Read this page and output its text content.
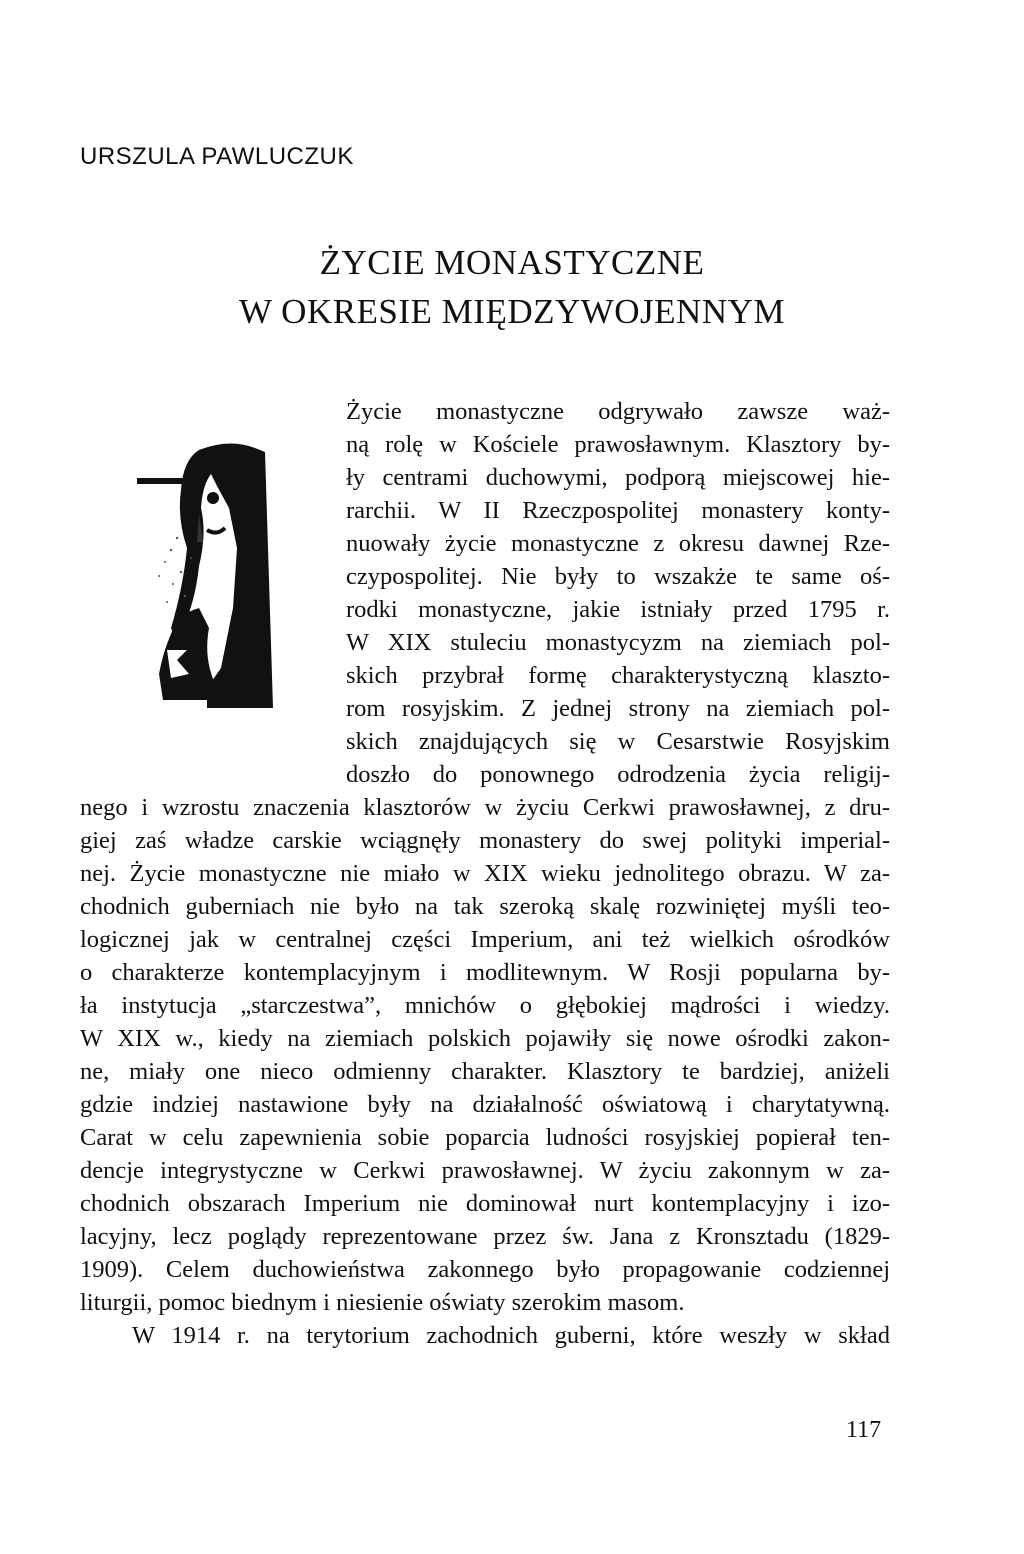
URSZULA PAWLUCZUK

ŻYCIE MONASTYCZNE
W OKRESIE MIĘDZYWOJENNYM
Życie monastyczne odgrywało zawsze waż-
ną rolę w Kościele prawosławnym. Klasztory by-
ły centrami duchowymi, podporą miejscowej hie-
rarchii. W II Rzeczpospolitej monastery konty-
nuowały życie monastyczne z okresu dawnej Rze-
czypospolitej. Nie były to wszakże te same oś-
rodki monastyczne, jakie istniały przed 1795 r.
W XIX stuleciu monastycyzm na ziemiach pol-
skich przybrał formę charakterystyczną klaszto-
rom rosyjskim. Z jednej strony na ziemiach pol-
skich znajdujących się w Cesarstwie Rosyjskim
doszło do ponownego odrodzenia życia religij-
nego i wzrostu znaczenia klasztorów w życiu Cerkwi prawosławnej, z dru-
giej zaś władze carskie wciągnęły monastery do swej polityki imperial-
nej. Życie monastyczne nie miało w XIX wieku jednolitego obrazu. W za-
chodnich guberniach nie było na tak szeroką skalę rozwiniętej myśli teo-
logicznej jak w centralnej części Imperium, ani też wielkich ośrodków
o charakterze kontemplacyjnym i modlitewnym. W Rosji popularna by-
ła instytucja „starczestwa”, mnichów o głębokiej mądrości i wiedzy.
W XIX w., kiedy na ziemiach polskich pojawiły się nowe ośrodki zakon-
ne, miały one nieco odmienny charakter. Klasztory te bardziej, aniżeli
gdzie indziej nastawione były na działalność oświatową i charytatywną.
Carat w celu zapewnienia sobie poparcia ludności rosyjskiej popierał ten-
dencje integrystyczne w Cerkwi prawosławnej. W życiu zakonnym w za-
chodnich obszarach Imperium nie dominował nurt kontemplacyjny i izo-
lacyjny, lecz poglądy reprezentowane przez św. Jana z Kronsztadu (1829-
1909). Celem duchowieństwa zakonnego było propagowanie codziennej
liturgii, pomoc biednym i niesienie oświaty szerokim masom.
W 1914 r. na terytorium zachodnich guberni, które weszły w skład

117
